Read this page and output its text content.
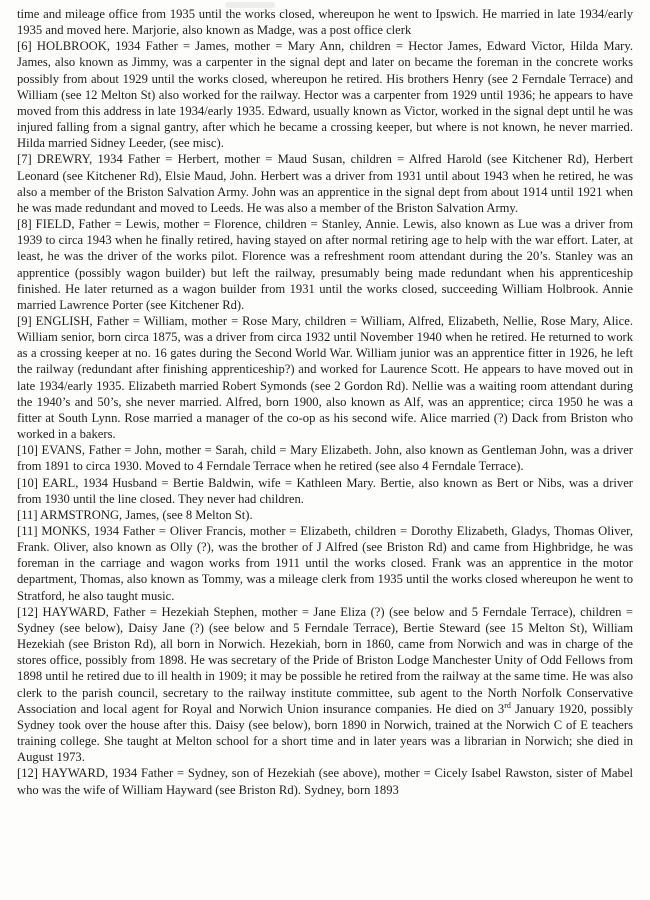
time and mileage office from 1935 until the works closed, whereupon he went to Ipswich. He married in late 1934/early 1935 and moved here. Marjorie, also known as Madge, was a post office clerk

[6] HOLBROOK, 1934 Father = James, mother = Mary Ann, children = Hector James, Edward Victor, Hilda Mary. James, also known as Jimmy, was a carpenter in the signal dept and later on became the foreman in the concrete works possibly from about 1929 until the works closed, whereupon he retired. His brothers Henry (see 2 Ferndale Terrace) and William (see 12 Melton St) also worked for the railway. Hector was a carpenter from 1929 until 1936; he appears to have moved from this address in late 1934/early 1935. Edward, usually known as Victor, worked in the signal dept until he was injured falling from a signal gantry, after which he became a crossing keeper, but where is not known, he never married. Hilda married Sidney Leeder, (see misc).

[7] DREWRY, 1934 Father = Herbert, mother = Maud Susan, children = Alfred Harold (see Kitchener Rd), Herbert Leonard (see Kitchener Rd), Elsie Maud, John. Herbert was a driver from 1931 until about 1943 when he retired, he was also a member of the Briston Salvation Army. John was an apprentice in the signal dept from about 1914 until 1921 when he was made redundant and moved to Leeds. He was also a member of the Briston Salvation Army.

[8] FIELD, Father = Lewis, mother = Florence, children = Stanley, Annie. Lewis, also known as Lue was a driver from 1939 to circa 1943 when he finally retired, having stayed on after normal retiring age to help with the war effort. Later, at least, he was the driver of the works pilot. Florence was a refreshment room attendant during the 20’s. Stanley was an apprentice (possibly wagon builder) but left the railway, presumably being made redundant when his apprenticeship finished. He later returned as a wagon builder from 1931 until the works closed, succeeding William Holbrook. Annie married Lawrence Porter (see Kitchener Rd).

[9] ENGLISH, Father = William, mother = Rose Mary, children = William, Alfred, Elizabeth, Nellie, Rose Mary, Alice. William senior, born circa 1875, was a driver from circa 1932 until November 1940 when he retired. He returned to work as a crossing keeper at no. 16 gates during the Second World War. William junior was an apprentice fitter in 1926, he left the railway (redundant after finishing apprenticeship?) and worked for Laurence Scott. He appears to have moved out in late 1934/early 1935. Elizabeth married Robert Symonds (see 2 Gordon Rd). Nellie was a waiting room attendant during the 1940’s and 50’s, she never married. Alfred, born 1900, also known as Alf, was an apprentice; circa 1950 he was a fitter at South Lynn. Rose married a manager of the co-op as his second wife. Alice married (?) Dack from Briston who worked in a bakers.

[10] EVANS, Father = John, mother = Sarah, child = Mary Elizabeth. John, also known as Gentleman John, was a driver from 1891 to circa 1930. Moved to 4 Ferndale Terrace when he retired (see also 4 Ferndale Terrace).

[10] EARL, 1934 Husband = Bertie Baldwin, wife = Kathleen Mary. Bertie, also known as Bert or Nibs, was a driver from 1930 until the line closed. They never had children.

[11] ARMSTRONG, James, (see 8 Melton St).

[11] MONKS, 1934 Father = Oliver Francis, mother = Elizabeth, children = Dorothy Elizabeth, Gladys, Thomas Oliver, Frank. Oliver, also known as Olly (?), was the brother of J Alfred (see Briston Rd) and came from Highbridge, he was foreman in the carriage and wagon works from 1911 until the works closed. Frank was an apprentice in the motor department, Thomas, also known as Tommy, was a mileage clerk from 1935 until the works closed whereupon he went to Stratford, he also taught music.

[12] HAYWARD, Father = Hezekiah Stephen, mother = Jane Eliza (?) (see below and 5 Ferndale Terrace), children = Sydney (see below), Daisy Jane (?) (see below and 5 Ferndale Terrace), Bertie Steward (see 15 Melton St), William Hezekiah (see Briston Rd), all born in Norwich. Hezekiah, born in 1860, came from Norwich and was in charge of the stores office, possibly from 1898. He was secretary of the Pride of Briston Lodge Manchester Unity of Odd Fellows from 1898 until he retired due to ill health in 1909; it may be possible he retired from the railway at the same time. He was also clerk to the parish council, secretary to the railway institute committee, sub agent to the North Norfolk Conservative Association and local agent for Royal and Norwich Union insurance companies. He died on 3rd January 1920, possibly Sydney took over the house after this. Daisy (see below), born 1890 in Norwich, trained at the Norwich C of E teachers training college. She taught at Melton school for a short time and in later years was a librarian in Norwich; she died in August 1973.

[12] HAYWARD, 1934 Father = Sydney, son of Hezekiah (see above), mother = Cicely Isabel Rawston, sister of Mabel who was the wife of William Hayward (see Briston Rd). Sydney, born 1893
